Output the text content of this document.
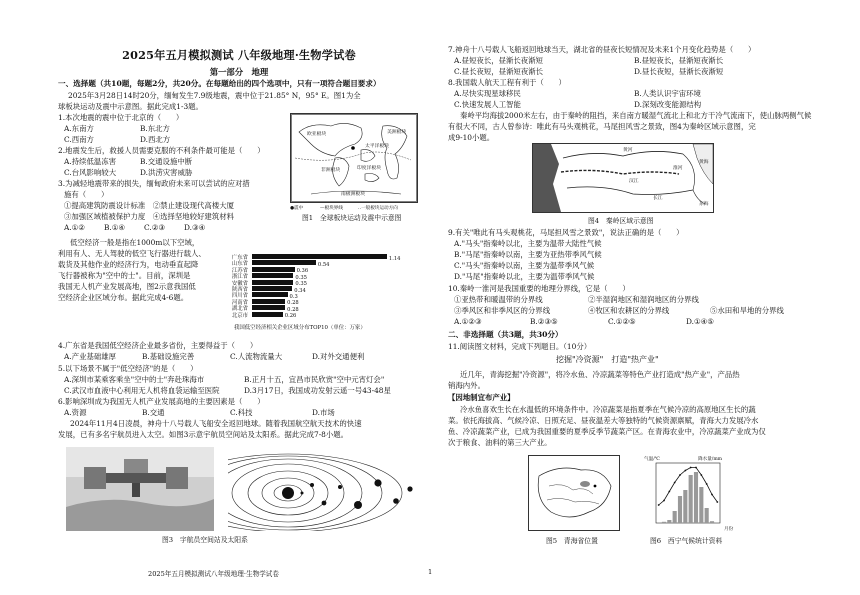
2025年五月模拟测试 八年级地理·生物学试卷
第一部分　地理
一、选择题（共10题，每题2分，共20分。在每题给出的四个选项中，只有一项符合题目要求）
2025年3月28日14时20分，缅甸发生7.9级地震，震中位于21.85° N，95° E。图1为全
球板块运动及震中示意图。据此完成1-3题。
1.本次地震的震中位于北京的（　　）
A.东南方	B.东北方
C.西南方	D.西北方
2.地震发生后，救援人员需要克服的不利条件最可能是（　　）
A.持续低温冻害	B.交通设施中断
C.台风影响较大	D.洪涝灾害威胁
3.为减轻地震带来的损失，缅甸政府未来可以尝试的应对措
施有（　　）
①提高建筑防震设计标准　②禁止建设现代高楼大厦
③加强区域植被保护力度　④选择坚地较好建筑材料
A.①②	B.①④	C.②③	D.③④
欧亚板块
太平洋板块
美洲板块
印度洋板块
南极洲板块
非洲板块
●震中	—板块界线	‥一般板块运动方向
图1　全球板块运动及震中示意图
低空经济一般是指在1000m以下空域，
利用有人、无人驾驶的低空飞行器进行载人、
载货及其他作业的经济行为，电动垂直起降
飞行器被称为"空中的士"。目前，深圳是
我国无人机产业发展高地，图2示意我国低
空经济企业区域分布。据此完成4-6题。
广东省	1.14
山东省	0.54
江苏省	0.36
浙江省	0.35
安徽省	0.35
陕西省	0.34
四川省	0.3
河南省	0.28
湖北省	0.28
北京市	0.26
我国低空经济相关企业区域分布TOP10（单位：万家）
4.广东省是我国低空经济企业最多省份，主要得益于（　　）
A.产业基础雄厚	B.基础设施完善	C.人流物流量大	D.对外交通便利
5.以下场景不属于"低空经济"的是（　　）
A.深圳市某乘客乘坐"空中的士"奔赴珠海市	B.正月十五，宜昌市民欣赏"空中元宵灯会"
C.武汉市血液中心利用无人机将血袋运输至医院	D.3月17日，我国成功发射云遥一号43-48星
6.影响深圳成为我国无人机产业发展高地的主要因素是（　　）
A.资源	B.交通	C.科技	D.市场
2024年11月4日凌晨，神舟十八号载人飞船安全返回地球。随着我国航空航天技术的快速
发展，已有多名宇航员进入太空。如图3示意宇航员空间站及太阳系。据此完成7-8小题。
图3　宇航员空间站及太阳系
2025年五月模拟测试八年级地理·生物学试卷	1
7.神舟十八号载人飞船返回地球当天，湖北省的昼夜长短情况及未来1个月变化趋势是（　　）
A.昼短夜长，昼渐长夜渐短	B.昼短夜长，昼渐短夜渐长
C.昼长夜短，昼渐短夜渐长	D.昼长夜短，昼渐长夜渐短
8.我国载人航天工程有利于（　　）
A.尽快实现星球移民	B.人类认识宇宙环境
C.快速发展人工智能	D.深刻改变能源结构
秦岭平均海拔2000米左右，由于秦岭的阻挡，来自南方暖湿气流北上和北方干冷气流南下，使山脉两侧气候
有很大不同，古人曾参诗：唯此有马头观桃花，马尾担风雪之景致，图4为秦岭区域示意图，完
成9-10小题。
黄河
汉江
长江
淮河
黄海
东海
图4　秦岭区域示意图
9.有关"唯此有马头观桃花，马尾担风雪之景致"，说法正确的是（　　）
A."马头"指秦岭以北，主要为温带大陆性气候
B."马尾"指秦岭以南，主要为亚热带季风气候
C."马头"指秦岭以南，主要为温带季风气候
D."马尾"指秦岭以北，主要为温带季风气候
10.秦岭一淮河是我国重要的地理分界线，它是（　　）
①亚热带和暖温带的分界线	②半湿润地区和湿润地区的分界线
③季风区和非季风区的分界线	④牧区和农耕区的分界线	⑤水田和旱地的分界线
A.①②③	B.②③⑤	C.①②⑤	D.①④⑤
二、非选择题（共3题，共30分）
11.阅读图文材料，完成下列题目。（10分）
挖掘"冷资源"　打造"热产业"
近几年，青海挖掘"冷资源"，将冷水鱼、冷凉蔬菜等特色产业打造成"热产业"，产品热
销海内外。
【因地制宜布产业】
冷水鱼喜欢生长在水温低的环境条件中。冷凉蔬菜是指夏季在气候冷凉的高原地区生长的蔬
菜。依托海拔高、气候冷凉、日照充足、昼夜温差大等独特的气候资源禀赋，青海大力发展冷水
鱼、冷凉蔬菜产业，已成为我国重要的夏季反季节蔬菜产区。在青海农业中，冷凉蔬菜产业成为仅
次于粮食、油料的第三大产业。
图5　青海省位置
气温/℃	降水量/mm
月份
图6　西宁气候统计资料
